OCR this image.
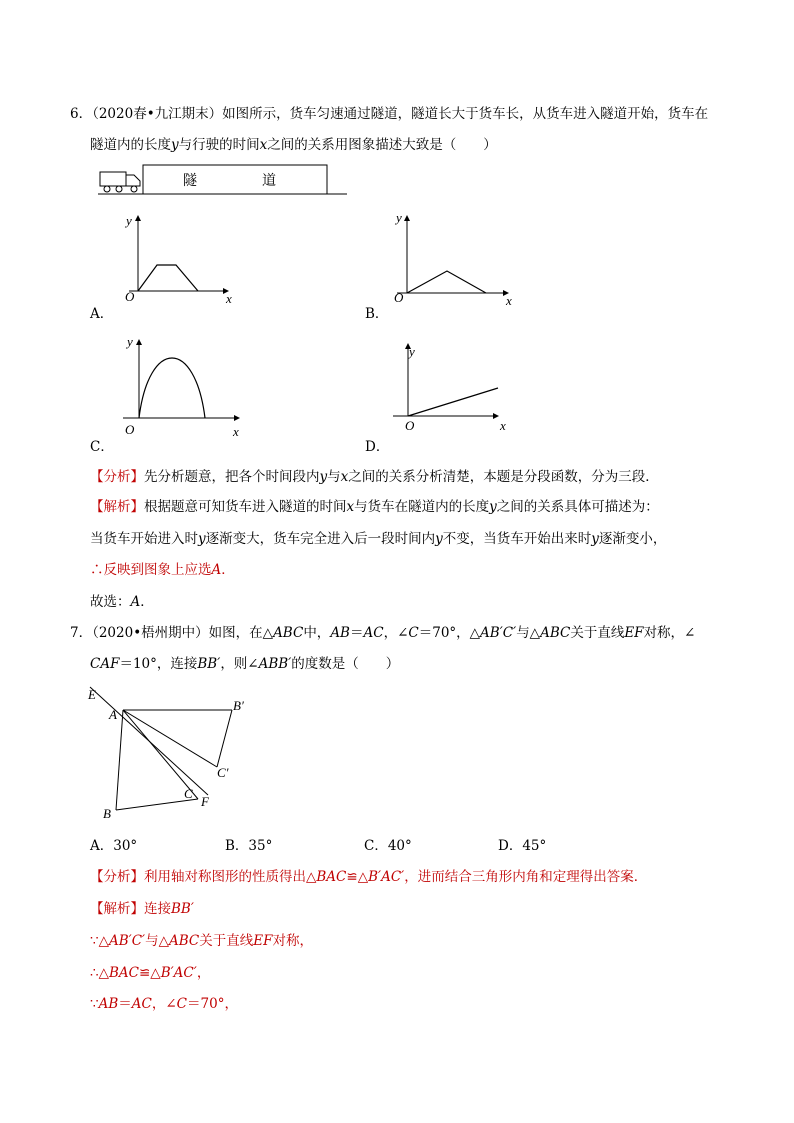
6．（2020春•九江期末）如图所示，货车匀速通过隧道，隧道长大于货车长，从货车进入隧道开始，货车在
隧道内的长度y与行驶的时间x之间的关系用图象描述大致是（　　）
隧	道
y
O	x
A．
y
O	x
B．
y
O	x
C．
y
O	x
D．
【分析】先分析题意，把各个时间段内y与x之间的关系分析清楚，本题是分段函数，分为三段．
【解析】根据题意可知货车进入隧道的时间x与货车在隧道内的长度y之间的关系具体可描述为：
当货车开始进入时y逐渐变大，货车完全进入后一段时间内y不变，当货车开始出来时y逐渐变小，
∴反映到图象上应选A．
故选：A．
7．（2020•梧州期中）如图，在△ABC中，AB＝AC，∠C＝70°，△AB′C′与△ABC关于直线EF对称，∠
CAF＝10°，连接BB′，则∠ABB′的度数是（　　）
E
A
B′
C′
B
C
F
A．30°	B．35°	C．40°	D．45°
【分析】利用轴对称图形的性质得出△BAC≌△B′AC′，进而结合三角形内角和定理得出答案．
【解析】连接BB′
∵△AB′C′与△ABC关于直线EF对称，
∴△BAC≌△B′AC′，
∵AB＝AC，∠C＝70°，
